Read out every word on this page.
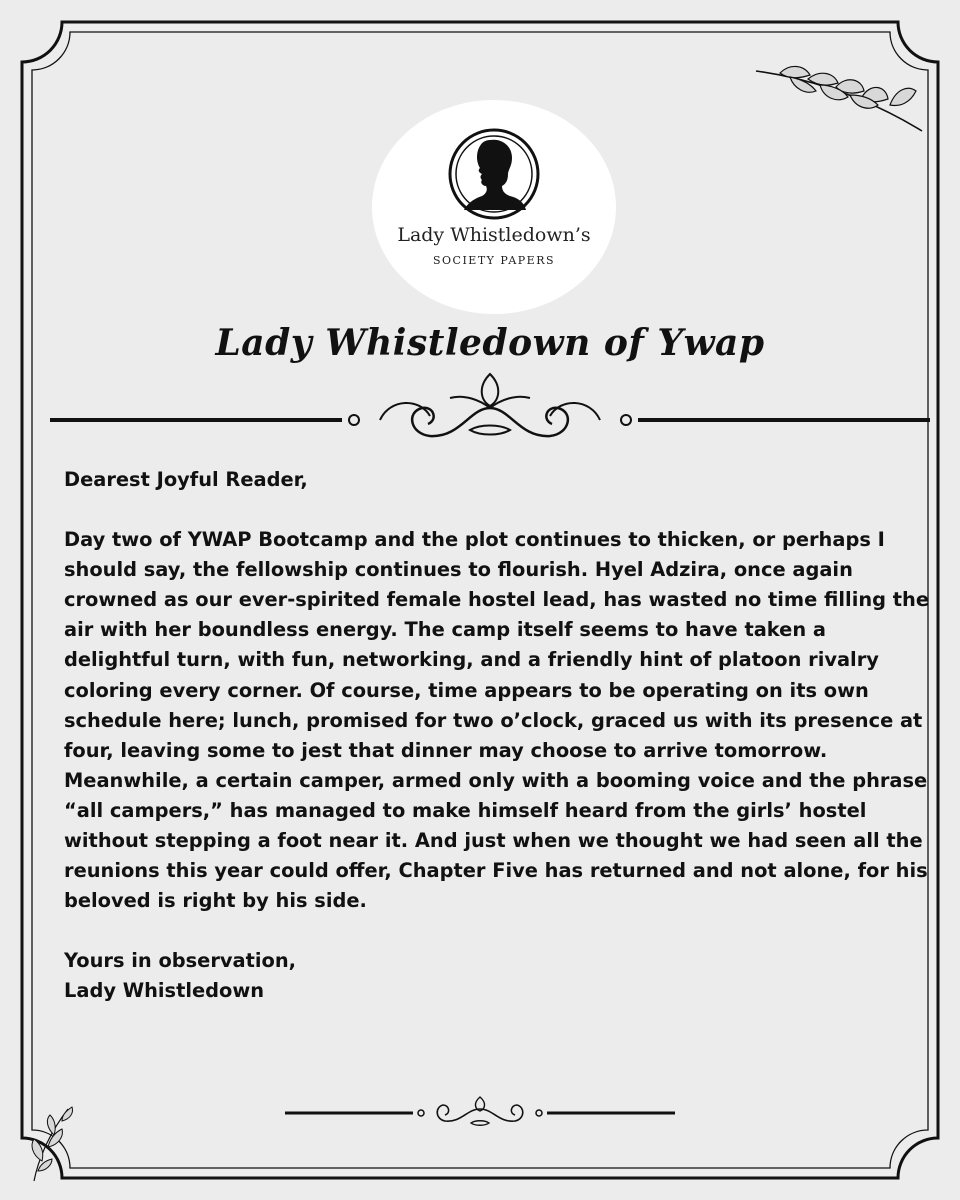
Lady Whistledown’s
SOCIETY PAPERS
Lady Whistledown of Ywap

Dearest Joyful Reader,

Day two of YWAP Bootcamp and the plot continues to thicken, or perhaps I should say, the fellowship continues to flourish. Hyel Adzira, once again crowned as our ever-spirited female hostel lead, has wasted no time filling the air with her boundless energy. The camp itself seems to have taken a delightful turn, with fun, networking, and a friendly hint of platoon rivalry coloring every corner. Of course, time appears to be operating on its own schedule here; lunch, promised for two o’clock, graced us with its presence at four, leaving some to jest that dinner may choose to arrive tomorrow. Meanwhile, a certain camper, armed only with a booming voice and the phrase “all campers,” has managed to make himself heard from the girls’ hostel without stepping a foot near it. And just when we thought we had seen all the reunions this year could offer, Chapter Five has returned and not alone, for his beloved is right by his side.

Yours in observation,
Lady Whistledown
